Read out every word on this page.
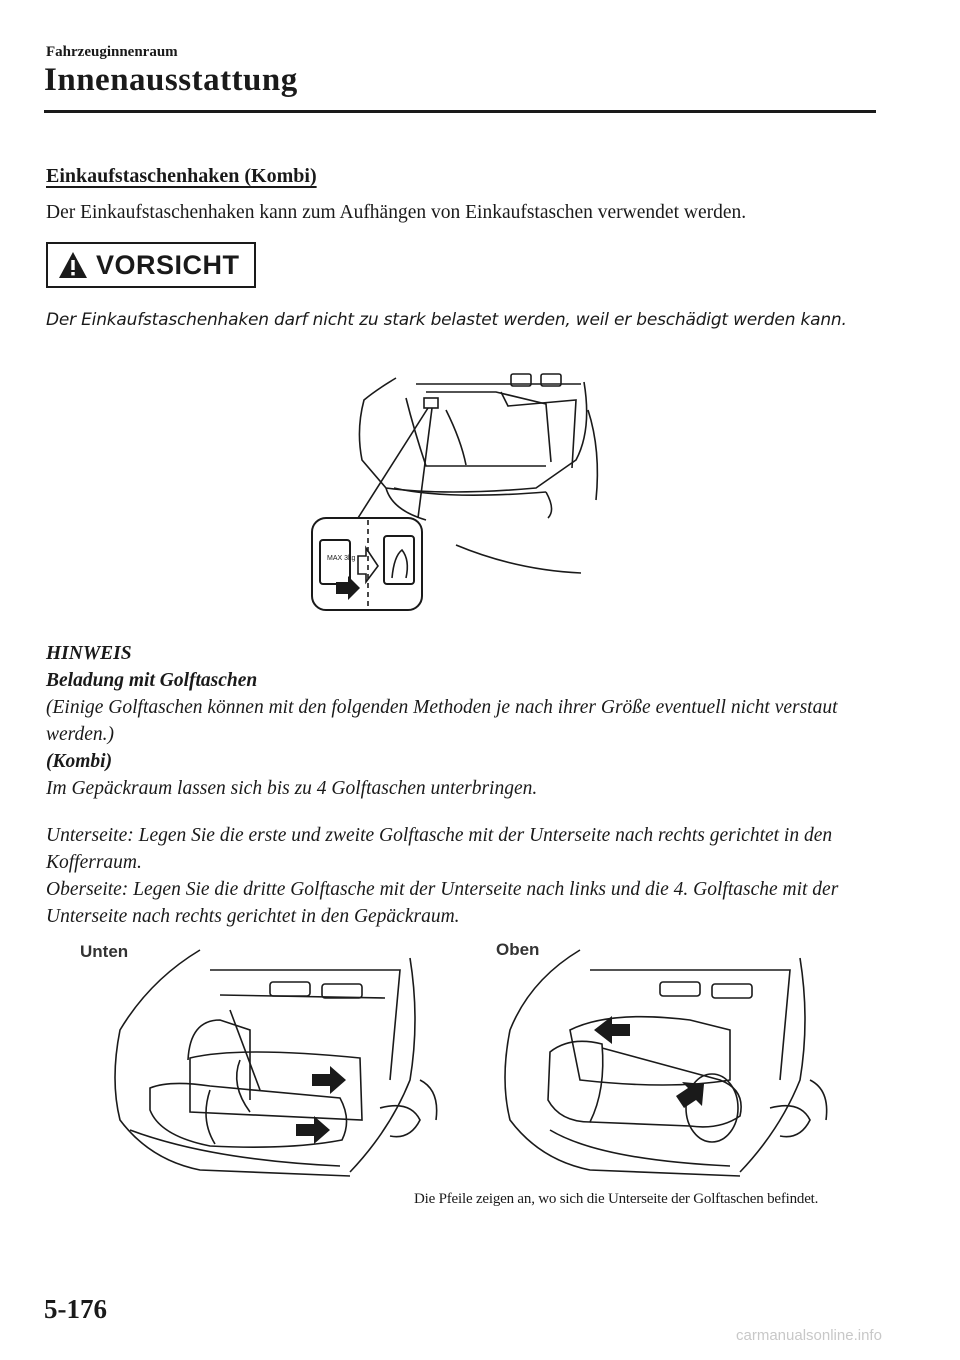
Fahrzeuginnenraum
Innenausstattung
Einkaufstaschenhaken (Kombi)
Der Einkaufstaschenhaken kann zum Aufhängen von Einkaufstaschen verwendet werden.
VORSICHT
Der Einkaufstaschenhaken darf nicht zu stark belastet werden, weil er beschädigt werden kann.
MAX 3kg
HINWEIS
Beladung mit Golftaschen
(Einige Golftaschen können mit den folgenden Methoden je nach ihrer Größe eventuell nicht verstaut werden.)
(Kombi)
Im Gepäckraum lassen sich bis zu 4 Golftaschen unterbringen.
Unterseite: Legen Sie die erste und zweite Golftasche mit der Unterseite nach rechts gerichtet in den Kofferraum.
Oberseite: Legen Sie die dritte Golftasche mit der Unterseite nach links und die 4. Golftasche mit der Unterseite nach rechts gerichtet in den Gepäckraum.
Unten	Oben
Die Pfeile zeigen an, wo sich die Unterseite der Golftaschen befindet.
5-176
carmanualsonline.info
